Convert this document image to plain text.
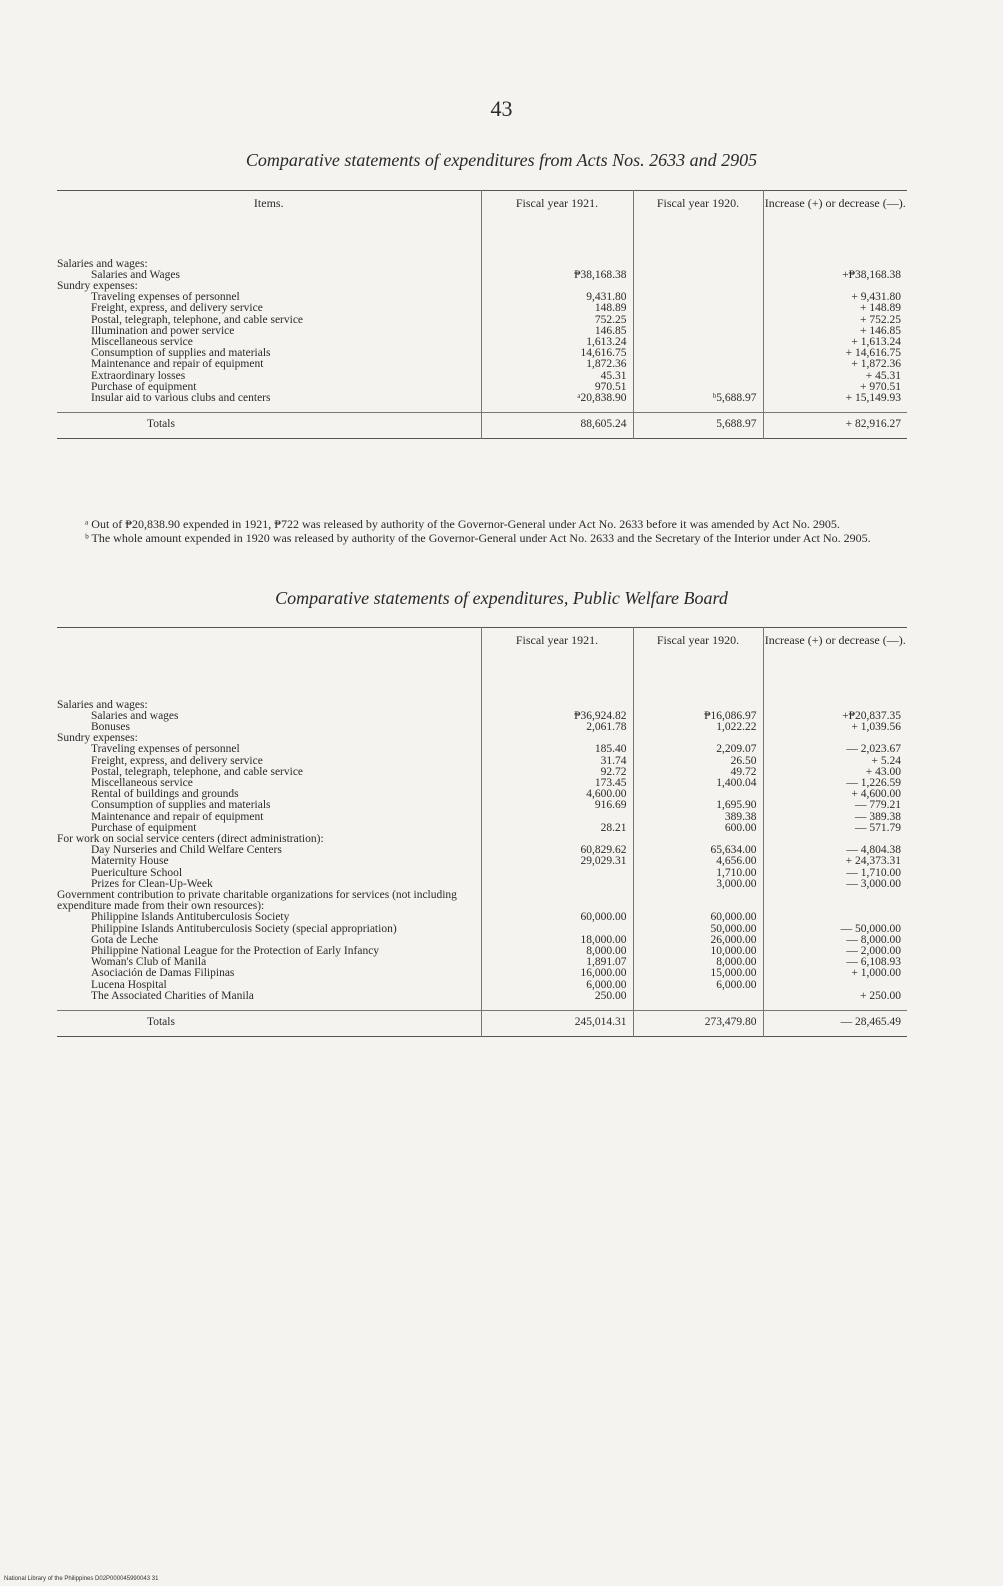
43
Comparative statements of expenditures from Acts Nos. 2633 and 2905
Items.	Fiscal year 1921.	Fiscal year 1920.	Increase (+) or decrease (—).

Salaries and wages:			
Salaries and Wages	₱38,168.38		+₱38,168.38
Sundry expenses:			
Traveling expenses of personnel	9,431.80		+ 9,431.80
Freight, express, and delivery service	148.89		+ 148.89
Postal, telegraph, telephone, and cable service	752.25		+ 752.25
Illumination and power service	146.85		+ 146.85
Miscellaneous service	1,613.24		+ 1,613.24
Consumption of supplies and materials	14,616.75		+ 14,616.75
Maintenance and repair of equipment	1,872.36		+ 1,872.36
Extraordinary losses	45.31		+ 45.31
Purchase of equipment	970.51		+ 970.51
Insular aid to various clubs and centers	ᵃ20,838.90	ᵇ5,688.97	+ 15,149.93

Totals	88,605.24	5,688.97	+ 82,916.27

ᵃ Out of ₱20,838.90 expended in 1921, ₱722 was released by authority of the Governor-General under Act No. 2633 before it was amended by Act No. 2905.

ᵇ The whole amount expended in 1920 was released by authority of the Governor-General under Act No. 2633 and the Secretary of the Interior under Act No. 2905.

Comparative statements of expenditures, Public Welfare Board
	Fiscal year 1921.	Fiscal year 1920.	Increase (+) or decrease (—).

Salaries and wages:			
Salaries and wages	₱36,924.82	₱16,086.97	+₱20,837.35
Bonuses	2,061.78	1,022.22	+ 1,039.56
Sundry expenses:			
Traveling expenses of personnel	185.40	2,209.07	— 2,023.67
Freight, express, and delivery service	31.74	26.50	+ 5.24
Postal, telegraph, telephone, and cable service	92.72	49.72	+ 43.00
Miscellaneous service	173.45	1,400.04	— 1,226.59
Rental of buildings and grounds	4,600.00		+ 4,600.00
Consumption of supplies and materials	916.69	1,695.90	— 779.21
Maintenance and repair of equipment		389.38	— 389.38
Purchase of equipment	28.21	600.00	— 571.79
For work on social service centers (direct administration):			
Day Nurseries and Child Welfare Centers	60,829.62	65,634.00	— 4,804.38
Maternity House	29,029.31	4,656.00	+ 24,373.31
Puericulture School		1,710.00	— 1,710.00
Prizes for Clean-Up-Week		3,000.00	— 3,000.00
Government contribution to private charitable organizations for services (not including expenditure made from their own resources):			
Philippine Islands Antituberculosis Society	60,000.00	60,000.00	
Philippine Islands Antituberculosis Society (special appropriation)		50,000.00	— 50,000.00
Gota de Leche	18,000.00	26,000.00	— 8,000.00
Philippine National League for the Protection of Early Infancy	8,000.00	10,000.00	— 2,000.00
Woman's Club of Manila	1,891.07	8,000.00	— 6,108.93
Asociación de Damas Filipinas	16,000.00	15,000.00	+ 1,000.00
Lucena Hospital	6,000.00	6,000.00	
The Associated Charities of Manila	250.00		+ 250.00

Totals	245,014.31	273,479.80	— 28,465.49
National Library of the Philippines D02P000045990043 31
